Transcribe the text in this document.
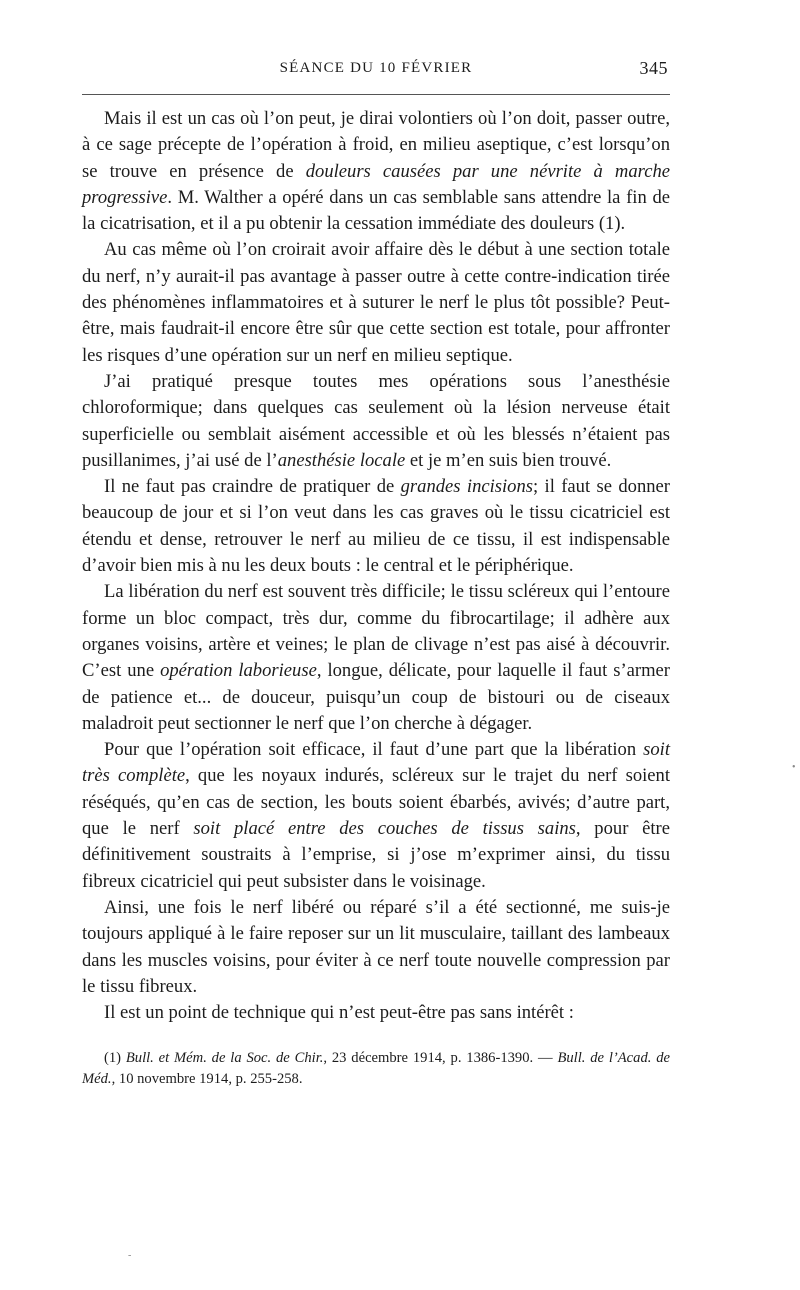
SÉANCE DU 10 FÉVRIER	345

Mais il est un cas où l’on peut, je dirai volontiers où l’on doit, passer outre, à ce sage précepte de l’opération à froid, en milieu aseptique, c’est lorsqu’on se trouve en présence de douleurs causées par une névrite à marche progressive. M. Walther a opéré dans un cas semblable sans attendre la fin de la cicatrisation, et il a pu obtenir la cessation immédiate des douleurs (1).

Au cas même où l’on croirait avoir affaire dès le début à une section totale du nerf, n’y aurait-il pas avantage à passer outre à cette contre-indication tirée des phénomènes inflammatoires et à suturer le nerf le plus tôt possible? Peut-être, mais faudrait-il encore être sûr que cette section est totale, pour affronter les risques d’une opération sur un nerf en milieu septique.

J’ai pratiqué presque toutes mes opérations sous l’anesthésie chloroformique; dans quelques cas seulement où la lésion nerveuse était superficielle ou semblait aisément accessible et où les blessés n’étaient pas pusillanimes, j’ai usé de l’anesthésie locale et je m’en suis bien trouvé.

Il ne faut pas craindre de pratiquer de grandes incisions; il faut se donner beaucoup de jour et si l’on veut dans les cas graves où le tissu cicatriciel est étendu et dense, retrouver le nerf au milieu de ce tissu, il est indispensable d’avoir bien mis à nu les deux bouts : le central et le périphérique.

La libération du nerf est souvent très difficile; le tissu scléreux qui l’entoure forme un bloc compact, très dur, comme du fibrocartilage; il adhère aux organes voisins, artère et veines; le plan de clivage n’est pas aisé à découvrir. C’est une opération laborieuse, longue, délicate, pour laquelle il faut s’armer de patience et... de douceur, puisqu’un coup de bistouri ou de ciseaux maladroit peut sectionner le nerf que l’on cherche à dégager.

Pour que l’opération soit efficace, il faut d’une part que la libération soit très complète, que les noyaux indurés, scléreux sur le trajet du nerf soient réséqués, qu’en cas de section, les bouts soient ébarbés, avivés; d’autre part, que le nerf soit placé entre des couches de tissus sains, pour être définitivement soustraits à l’emprise, si j’ose m’exprimer ainsi, du tissu fibreux cicatriciel qui peut subsister dans le voisinage.

Ainsi, une fois le nerf libéré ou réparé s’il a été sectionné, me suis-je toujours appliqué à le faire reposer sur un lit musculaire, taillant des lambeaux dans les muscles voisins, pour éviter à ce nerf toute nouvelle compression par le tissu fibreux.

Il est un point de technique qui n’est peut-être pas sans intérêt :

(1) Bull. et Mém. de la Soc. de Chir., 23 décembre 1914, p. 1386-1390. — Bull. de l’Acad. de Méd., 10 novembre 1914, p. 255-258.

•
-
